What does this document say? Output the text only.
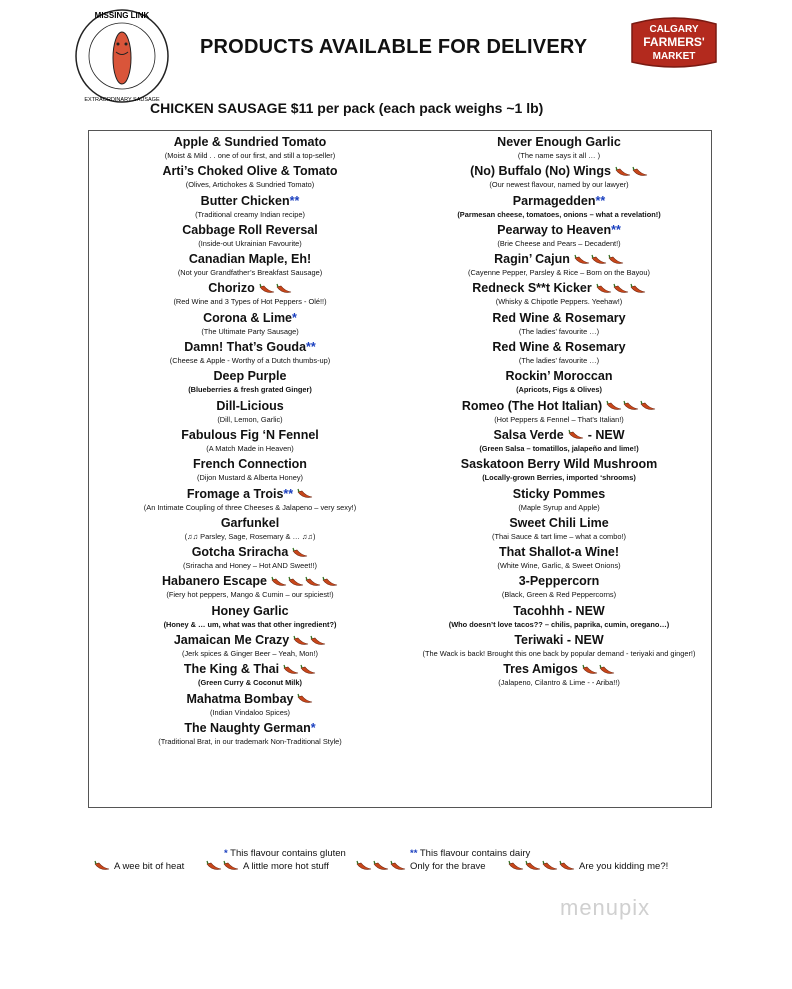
MISSING LINK
EXTRAORDINARY SAUSAGE
CALGARY
FARMERS'
MARKET
PRODUCTS AVAILABLE FOR DELIVERY
CHICKEN SAUSAGE $11 per pack (each pack weighs ~1 lb)
Apple & Sundried Tomato
(Moist & Mild . . one of our first, and still a top-seller)
Arti’s Choked Olive & Tomato
(Olives, Artichokes & Sundried Tomato)
Butter Chicken**
(Traditional creamy Indian recipe)
Cabbage Roll Reversal
(Inside-out Ukrainian Favourite)
Canadian Maple, Eh!
(Not your Grandfather’s Breakfast Sausage)
Chorizo
(Red Wine and 3 Types of Hot Peppers - Olé!!)
Corona & Lime*
(The Ultimate Party Sausage)
Damn! That’s Gouda**
(Cheese & Apple - Worthy of a Dutch thumbs-up)
Deep Purple
(Blueberries & fresh grated Ginger)
Dill-Licious
(Dill, Lemon, Garlic)
Fabulous Fig ‘N Fennel
(A Match Made in Heaven)
French Connection
(Dijon Mustard & Alberta Honey)
Fromage a Trois**
(An Intimate Coupling of three Cheeses & Jalapeno – very sexy!)
Garfunkel
(♫♫ Parsley, Sage, Rosemary & … ♫♫)
Gotcha Sriracha
(Sriracha and Honey – Hot AND Sweet!!)
Habanero Escape
(Fiery hot peppers, Mango & Cumin – our spiciest!)
Honey Garlic
(Honey & … um, what was that other ingredient?)
Jamaican Me Crazy
(Jerk spices & Ginger Beer – Yeah, Mon!)
The King & Thai
(Green Curry & Coconut Milk)
Mahatma Bombay
(Indian Vindaloo Spices)
The Naughty German*
(Traditional Brat, in our trademark Non-Traditional Style)
Never Enough Garlic
(The name says it all … )
(No) Buffalo (No) Wings
(Our newest flavour, named by our lawyer)
Parmagedden**
(Parmesan cheese, tomatoes, onions – what a revelation!)
Pearway to Heaven**
(Brie Cheese and Pears – Decadent!)
Ragin’ Cajun
(Cayenne Pepper, Parsley & Rice – Born on the Bayou)
Redneck S**t Kicker
(Whisky & Chipotle Peppers. Yeehaw!)
Red Wine & Rosemary
(The ladies’ favourite …)
Red Wine & Rosemary
(The ladies’ favourite …)
Rockin’ Moroccan
(Apricots, Figs & Olives)
Romeo (The Hot Italian)
(Hot Peppers & Fennel – That’s Italian!)
Salsa Verde - NEW
(Green Salsa – tomatillos, jalapeño and lime!)
Saskatoon Berry Wild Mushroom
(Locally-grown Berries, imported ‘shrooms)
Sticky Pommes
(Maple Syrup and Apple)
Sweet Chili Lime
(Thai Sauce & tart lime – what a combo!)
That Shallot-a Wine!
(White Wine, Garlic, & Sweet Onions)
3-Peppercorn
(Black, Green & Red Peppercorns)
Tacohhh - NEW
(Who doesn’t love tacos?? – chilis, paprika, cumin, oregano…)
Teriwaki - NEW
(The Wack is back! Brought this one back by popular demand - teriyaki and ginger!)
Tres Amigos
(Jalapeno, Cilantro & Lime - - Ariba!!)
* This flavour contains gluten	** This flavour contains dairy
A wee bit of heat	A little more hot stuff	Only for the brave	Are you kidding me?!
menupix
